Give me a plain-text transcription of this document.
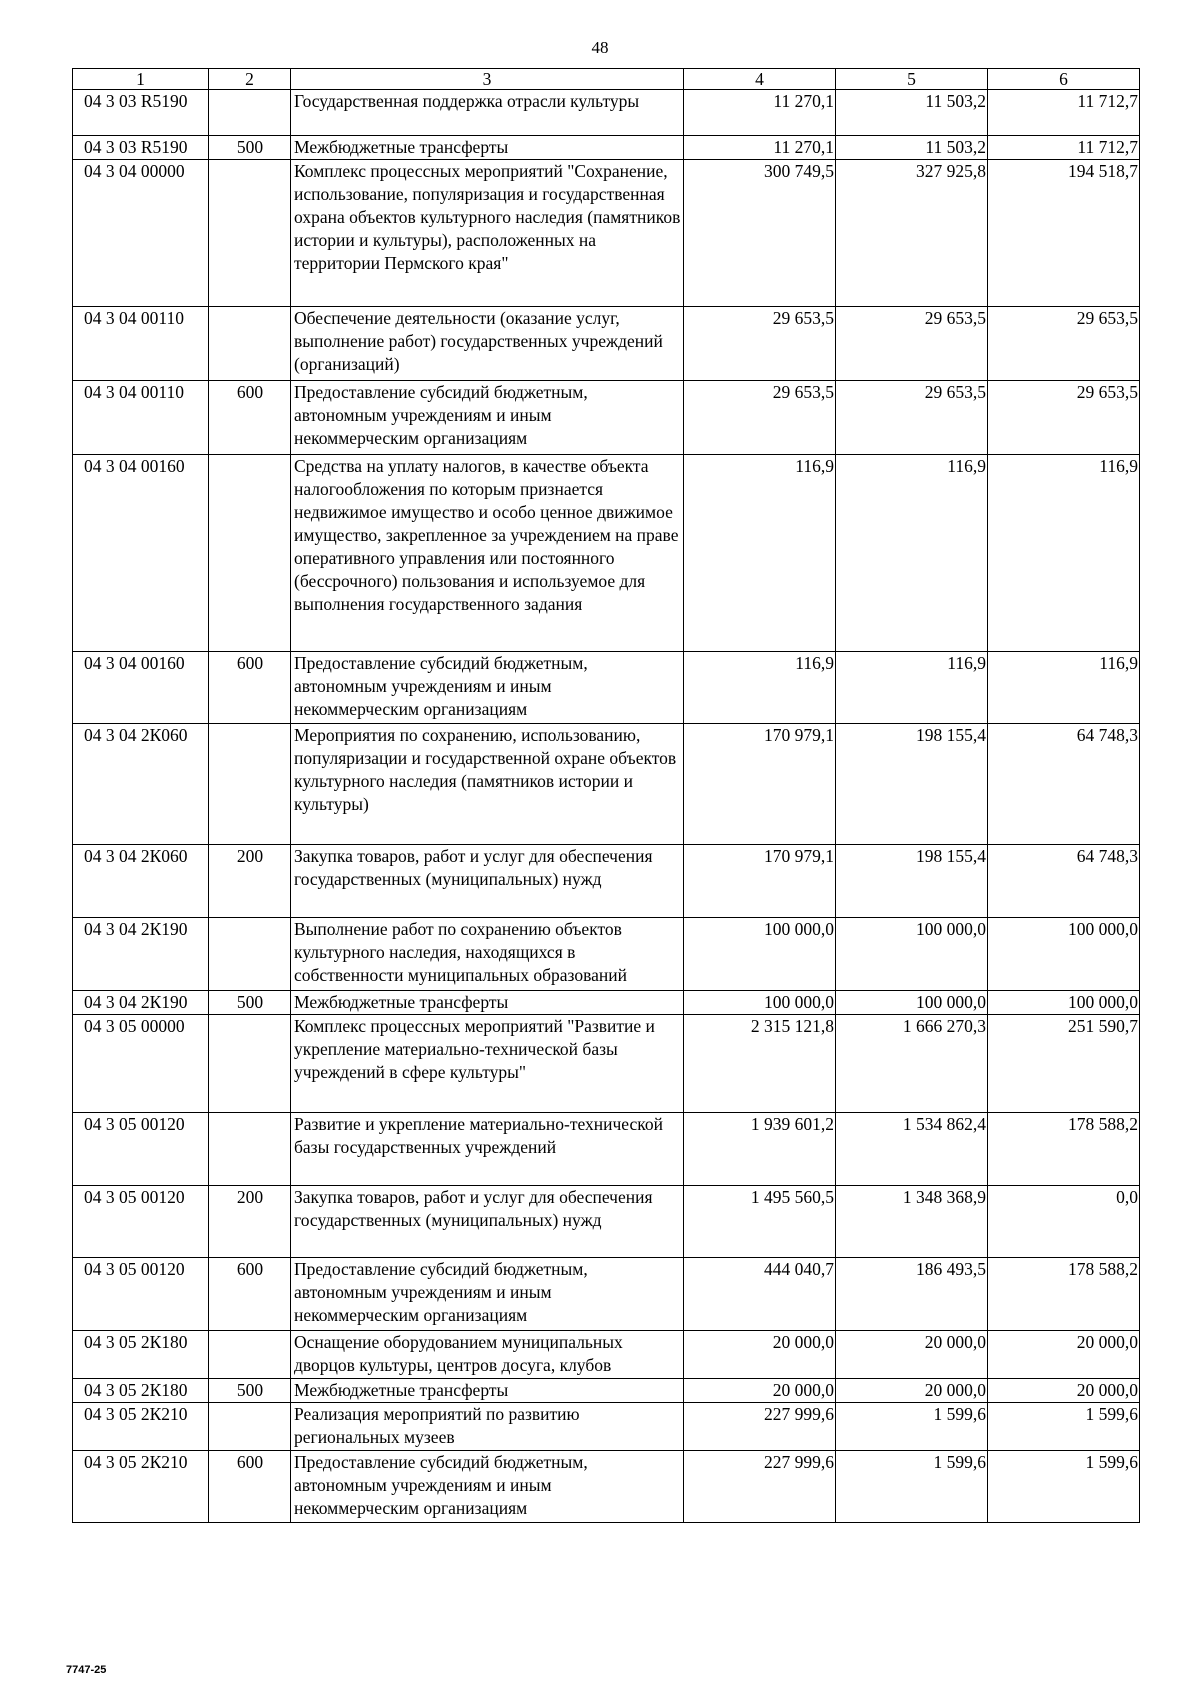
48
1	2	3	4	5	6
04 3 03 R5190		Государственная поддержка отрасли культуры	11 270,1	11 503,2	11 712,7
04 3 03 R5190	500	Межбюджетные трансферты	11 270,1	11 503,2	11 712,7
04 3 04 00000		Комплекс процессных мероприятий "Сохранение, использование, популяризация и государственная охрана объектов культурного наследия (памятников истории и культуры), расположенных на территории Пермского края"	300 749,5	327 925,8	194 518,7
04 3 04 00110		Обеспечение деятельности (оказание услуг, выполнение работ) государственных учреждений (организаций)	29 653,5	29 653,5	29 653,5
04 3 04 00110	600	Предоставление субсидий бюджетным, автономным учреждениям и иным некоммерческим организациям	29 653,5	29 653,5	29 653,5
04 3 04 00160		Средства на уплату налогов, в качестве объекта налогообложения по которым признается недвижимое имущество и особо ценное движимое имущество, закрепленное за учреждением на праве оперативного управления или постоянного (бессрочного) пользования и используемое для выполнения государственного задания	116,9	116,9	116,9
04 3 04 00160	600	Предоставление субсидий бюджетным, автономным учреждениям и иным некоммерческим организациям	116,9	116,9	116,9
04 3 04 2К060		Мероприятия по сохранению, использованию, популяризации и государственной охране объектов культурного наследия (памятников истории и культуры)	170 979,1	198 155,4	64 748,3
04 3 04 2К060	200	Закупка товаров, работ и услуг для обеспечения государственных (муниципальных) нужд	170 979,1	198 155,4	64 748,3
04 3 04 2К190		Выполнение работ по сохранению объектов культурного наследия, находящихся в собственности муниципальных образований	100 000,0	100 000,0	100 000,0
04 3 04 2К190	500	Межбюджетные трансферты	100 000,0	100 000,0	100 000,0
04 3 05 00000		Комплекс процессных мероприятий "Развитие и укрепление материально-технической базы учреждений в сфере культуры"	2 315 121,8	1 666 270,3	251 590,7
04 3 05 00120		Развитие и укрепление материально-технической базы государственных учреждений	1 939 601,2	1 534 862,4	178 588,2
04 3 05 00120	200	Закупка товаров, работ и услуг для обеспечения государственных (муниципальных) нужд	1 495 560,5	1 348 368,9	0,0
04 3 05 00120	600	Предоставление субсидий бюджетным, автономным учреждениям и иным некоммерческим организациям	444 040,7	186 493,5	178 588,2
04 3 05 2К180		Оснащение оборудованием муниципальных дворцов культуры, центров досуга, клубов	20 000,0	20 000,0	20 000,0
04 3 05 2К180	500	Межбюджетные трансферты	20 000,0	20 000,0	20 000,0
04 3 05 2К210		Реализация мероприятий по развитию региональных музеев	227 999,6	1 599,6	1 599,6
04 3 05 2К210	600	Предоставление субсидий бюджетным, автономным учреждениям и иным некоммерческим организациям	227 999,6	1 599,6	1 599,6
7747-25
